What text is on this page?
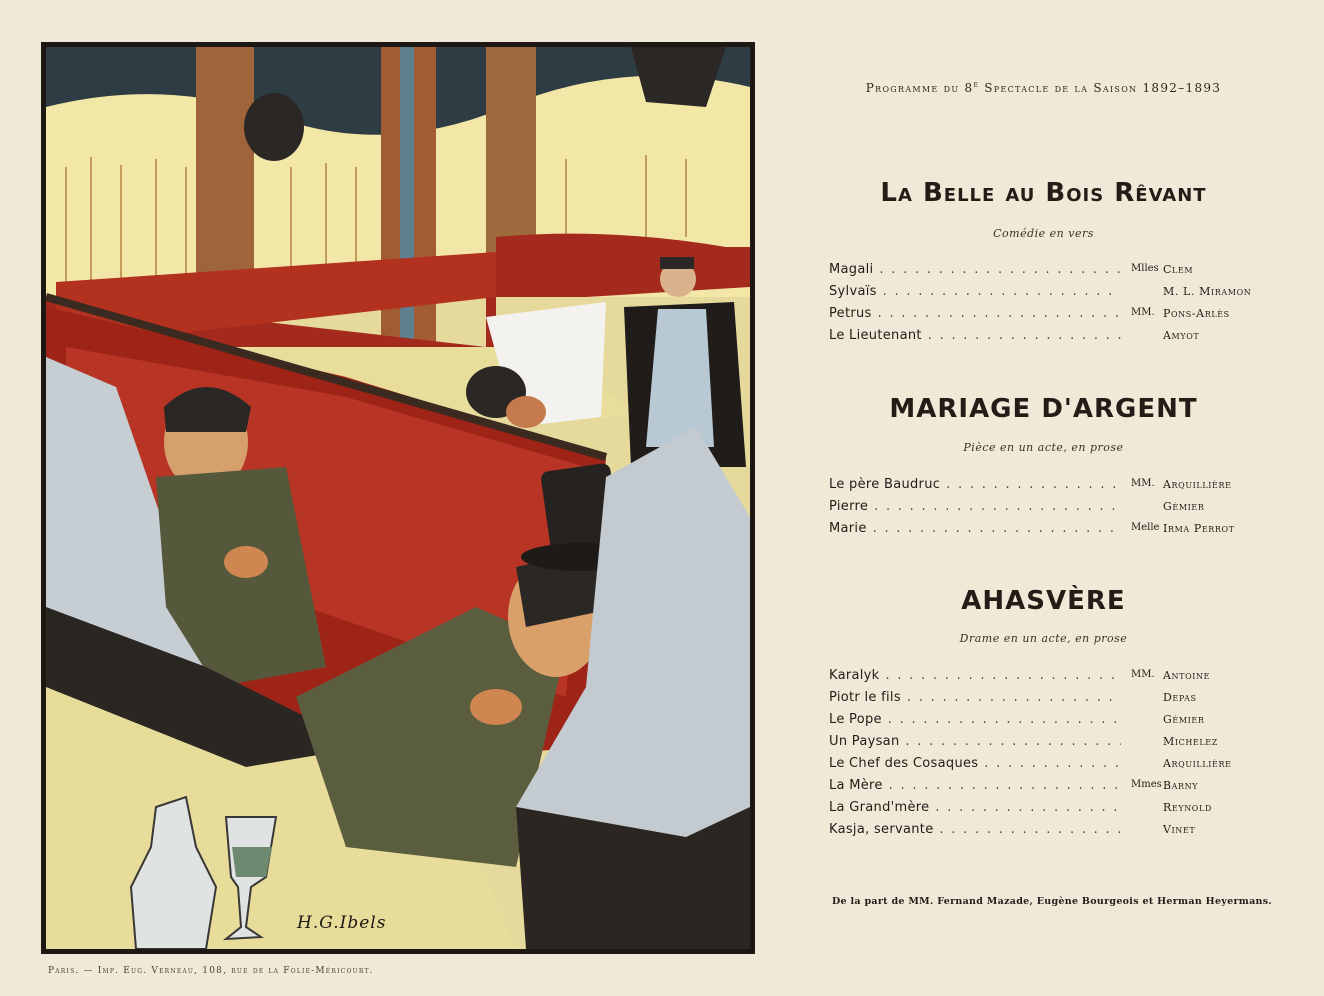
H.G.Ibels
Paris. — Imp. Eug. Verneau, 108, rue de la Folie-Méricourt.
Programme du 8e Spectacle de la Saison 1892–1893
La Belle au Bois Rêvant
Comédie en vers
Magali . . .	Mlles Clem
Sylvaïs . . .	M. L. Miramon
Petrus . . .	MM. Pons-Arlès
Le Lieutenant . . .	Amyot
MARIAGE D'ARGENT
Pièce en un acte, en prose
Le père Baudruc . . .	MM. Arquillière
Pierre . . .	Gémier
Marie . . .	Melle Irma Perrot
AHASVÈRE
Drame en un acte, en prose
Karalyk . . .	MM. Antoine
Piotr le fils . . .	Depas
Le Pope . . .	Gémier
Un Paysan . . .	Michelez
Le Chef des Cosaques . . .	Arquillière
La Mère . . .	Mmes Barny
La Grand'mère . . .	Reynold
Kasja, servante . . .	Vinet
De la part de MM. Fernand Mazade, Eugène Bourgeois et Herman Heyermans.
